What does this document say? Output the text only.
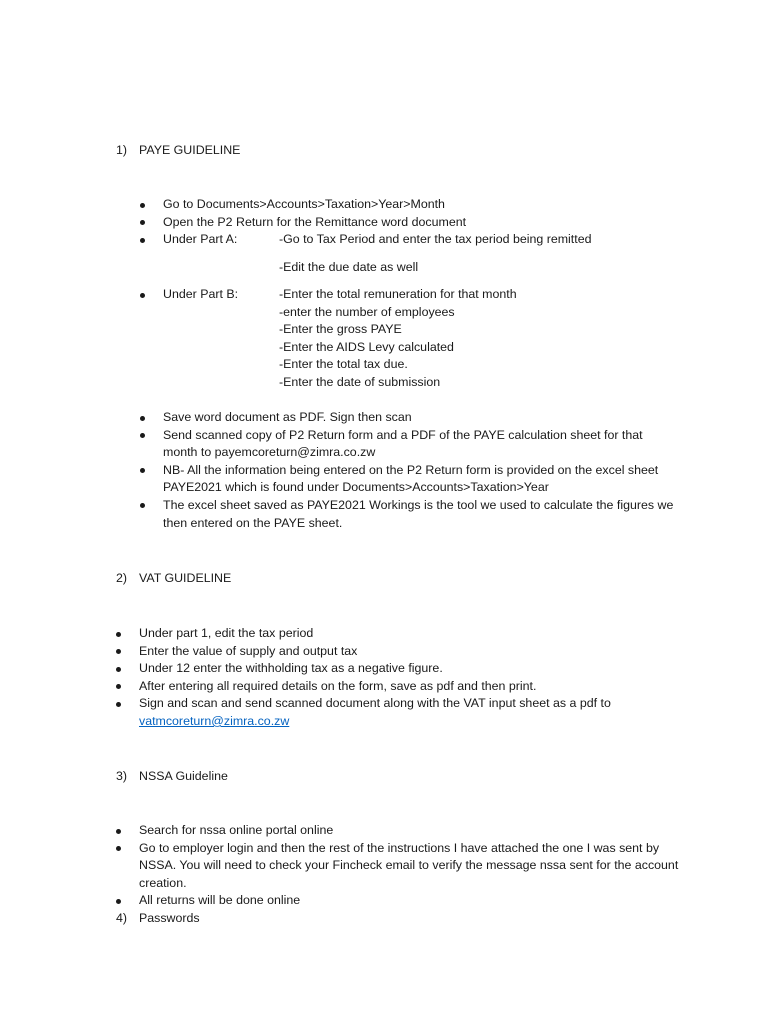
1) PAYE GUIDELINE
Go to Documents>Accounts>Taxation>Year>Month
Open the P2 Return for the Remittance word document
Under Part A:	-Go to Tax Period and enter the tax period being remitted
-Edit the due date as well
Under Part B:	-Enter the total remuneration for that month
-enter the number of employees
-Enter the gross PAYE
-Enter the AIDS Levy calculated
-Enter the total tax due.
-Enter the date of submission
Save word document as PDF. Sign then scan
Send scanned copy of P2 Return form and a PDF of the PAYE calculation sheet for that month to payemcoreturn@zimra.co.zw
NB- All the information being entered on the P2 Return form is provided on the excel sheet PAYE2021 which is found under Documents>Accounts>Taxation>Year
The excel sheet saved as PAYE2021 Workings is the tool we used to calculate the figures we then entered on the PAYE sheet.
2) VAT GUIDELINE
Under part 1, edit the tax period
Enter the value of supply and output tax
Under 12 enter the withholding tax as a negative figure.
After entering all required details on the form, save as pdf and then print.
Sign and scan and send scanned document along with the VAT input sheet as a pdf to
vatmcoreturn@zimra.co.zw
3) NSSA Guideline
Search for nssa online portal online
Go to employer login and then the rest of the instructions I have attached the one I was sent by NSSA. You will need to check your Fincheck email to verify the message nssa sent for the account creation.
All returns will be done online
4) Passwords
